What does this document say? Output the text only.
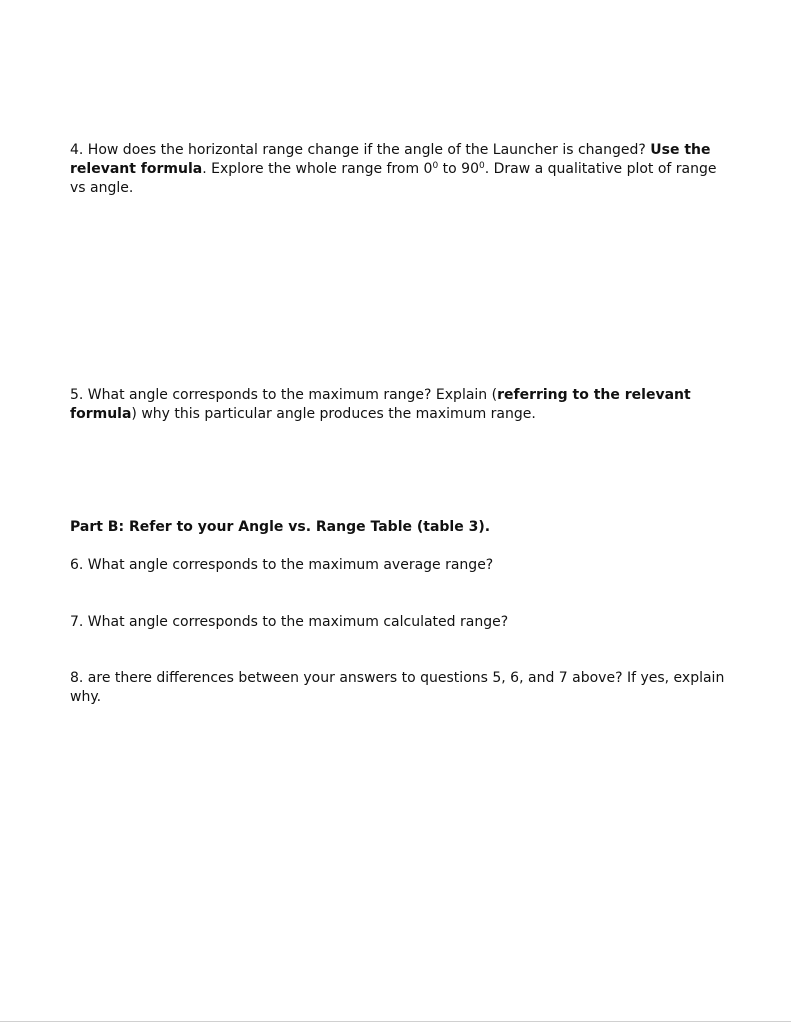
4. How does the horizontal range change if the angle of the Launcher is changed? Use the relevant formula. Explore the whole range from $0^0$ to $90^0$. Draw a qualitative plot of range vs angle.

5. What angle corresponds to the maximum range? Explain (referring to the relevant formula) why this particular angle produces the maximum range.

Part B: Refer to your Angle vs. Range Table (table 3).

6. What angle corresponds to the maximum average range?

7. What angle corresponds to the maximum calculated range?

8. are there differences between your answers to questions 5, 6, and 7 above? If yes, explain why.
